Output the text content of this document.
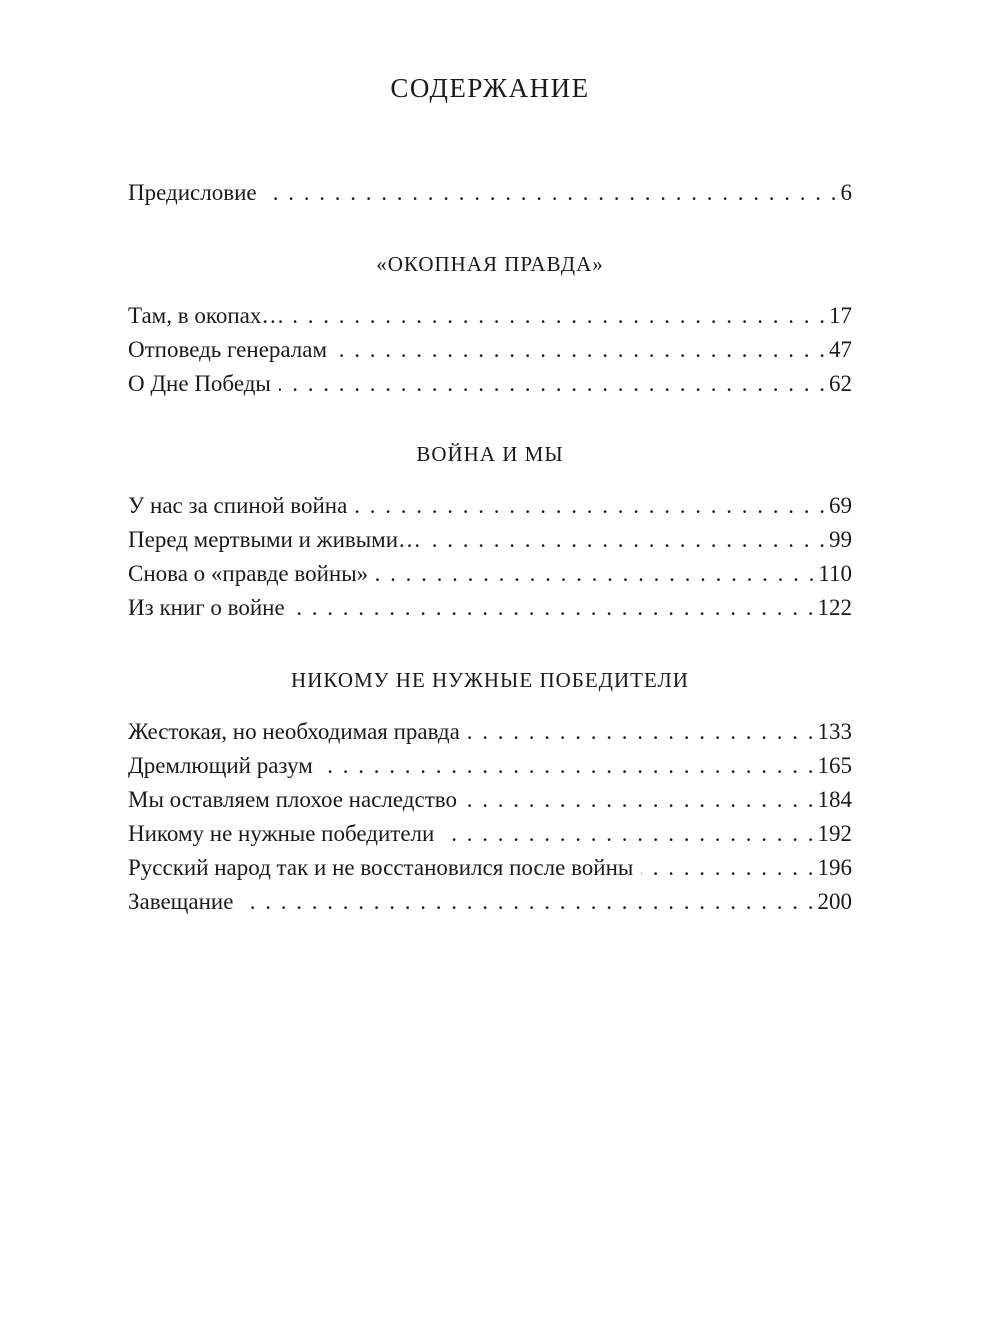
СОДЕРЖАНИЕ
Предисловие . . .	6
«ОКОПНАЯ ПРАВДА»
Там, в окопах… . . .	17
Отповедь генералам . . .	47
О Дне Победы . . .	62
ВОЙНА И МЫ
У нас за спиной война . . .	69
Перед мертвыми и живыми… . . .	99
Снова о «правде войны» . . .	110
Из книг о войне . . .	122
НИКОМУ НЕ НУЖНЫЕ ПОБЕДИТЕЛИ
Жестокая, но необходимая правда . . .	133
Дремлющий разум . . .	165
Мы оставляем плохое наследство . . .	184
Никому не нужные победители . . .	192
Русский народ так и не восстановился после войны . . .	196
Завещание . . .	200
